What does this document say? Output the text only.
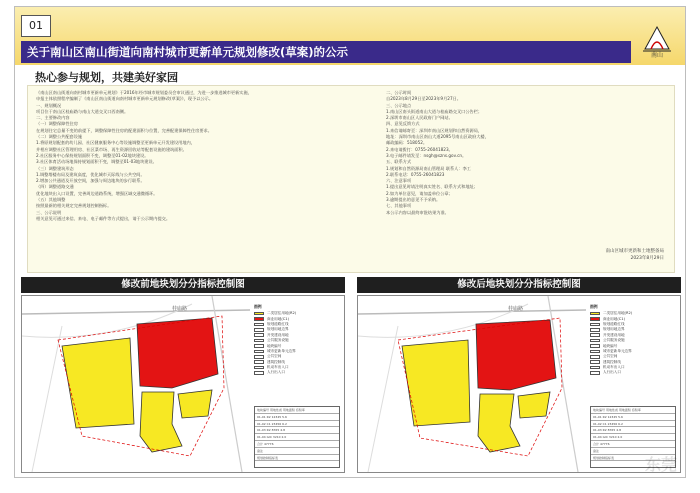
01
关于南山区南山街道向南村城市更新单元规划修改(草案)的公示	南山
热心参与规划，共建美好家园

《南山区南山街道向南村城市更新单元规划》于2016年经市城市规划委员会审议通过，为进一步推进城市更新实施，

申报主体依照程序编制了《南山区南山街道向南村城市更新单元规划修改(草案)》，现予以公示。

一、规划概况

项目位于南山区桂庙路与南山大道交叉口西南侧。

二、主要修改内容

（一）调整保障性住房

在规划住宅总量不变的前提下，调整保障性住房的配建面积与位置，完善配建保障性住房要求。

（二）调整公共配套设施

1.将原规划配套的幼儿园、社区健康服务中心等设施调整至更新单元开发建设用地内，

并相应调整社区管理用房、社区菜市场、再生资源回收站等配套设施的建筑面积。

2.社区服务中心保持规划面积不变，调整至01-02地块建设。

3.社区体育活动场地保持规划面积不变，调整至01-03地块建设。

（三）调整建筑形态

1.调整塔楼布局及建筑高度，优化城市天际线与公共空间。

2.增加公共通道及开放空间，加强与周边地块的步行联系。

（四）调整道路交通

优化地块出入口设置，完善周边道路系统，增强区域交通微循环。

（五）其他调整

按照最新的相关规定完善规划控制指标。

三、公示说明

相关意见可通过来信、来电、电子邮件等方式提出，请于公示期内提交。

二、公示时间

自2023年8月29日至2023年9月27日。

三、公示地点

1.南山区南头街道南山大道与桂庙路交叉口公告栏；

2.深圳市南山区人民政府门户网站。

四、意见反馈方式

1.来信请邮寄至：深圳市南山区规划和自然资源局，

地址：深圳市南山区南山大道2095号南山区政府大楼，

邮政编码：518052。

2.来电请拨打：0755-26041823。

3.电子邮件请发至：nsgh@szns.gov.cn。

五、联系方式

1.规划和自然资源局南山管理局 联系人：李工

2.联系电话：0755-26041823

六、注意事项

1.提出意见时请注明真实姓名、联系方式和地址；

2.如为单位意见，请加盖单位公章；

3.逾期提出的意见不予采纳。

七、其他事项

本公示内容以最终审批结果为准。

南山区城市更新和土地整备局
2023年8月29日
修改前地块划分分指标控制图	修改后地块划分分指标控制图
桂庙路	图例
二类居住用地(R2)
商业用地(C1)
规划道路红线
规划用地边界
开发建设用地
公共服务设施
地块编号
城市更新单元边界
公共空间
建筑控制线
机动车出入口
人行出入口
地块编号 用地性质 用地面积 容积率
01-01 R2 12345 5.6
01-02 C1 23456 6.2
01-03 R2 8765 4.8
01-04 GIC 3210 2.0
合计 47776
备注
规划控制指标表
桂庙路	图例
二类居住用地(R2)
商业用地(C1)
规划道路红线
规划用地边界
开发建设用地
公共服务设施
地块编号
城市更新单元边界
公共空间
建筑控制线
机动车出入口
人行出入口
地块编号 用地性质 用地面积 容积率
01-01 R2 12345 5.6
01-02 C1 23456 6.2
01-03 R2 8765 4.8
01-04 GIC 3210 2.0
合计 47776
备注
规划控制指标表	东莞
